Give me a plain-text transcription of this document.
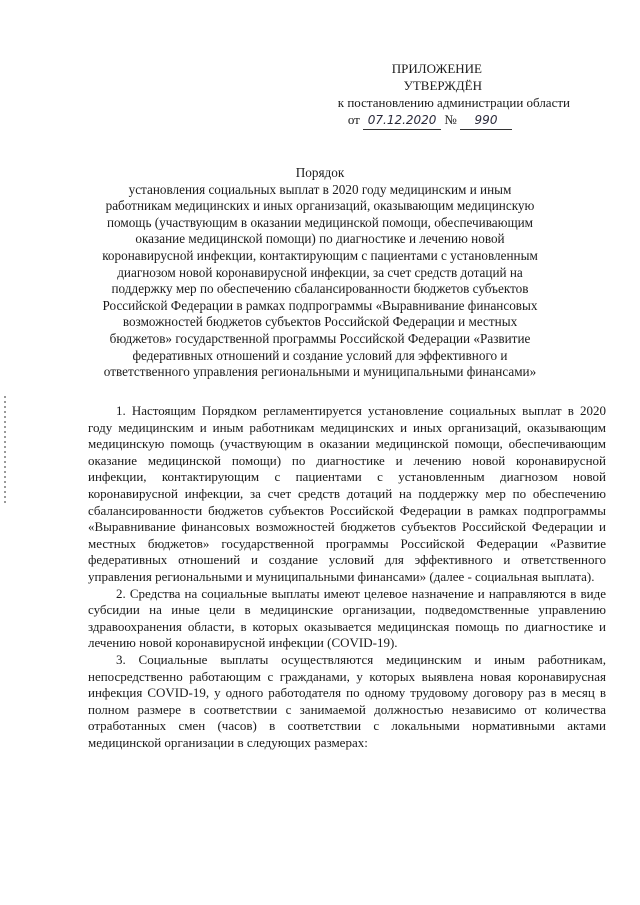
ПРИЛОЖЕНИЕ
УТВЕРЖДЁН
к постановлению администрации области
от 07.12.2020 № 990
Порядок
установления социальных выплат в 2020 году медицинским и иным работникам медицинских и иных организаций, оказывающим медицинскую помощь (участвующим в оказании медицинской помощи, обеспечивающим оказание медицинской помощи) по диагностике и лечению новой коронавирусной инфекции, контактирующим с пациентами с установленным диагнозом новой коронавирусной инфекции, за счет средств дотаций на поддержку мер по обеспечению сбалансированности бюджетов субъектов Российской Федерации в рамках подпрограммы «Выравнивание финансовых возможностей бюджетов субъектов Российской Федерации и местных бюджетов» государственной программы Российской Федерации «Развитие федеративных отношений и создание условий для эффективного и ответственного управления региональными и муниципальными финансами»

1. Настоящим Порядком регламентируется установление социальных выплат в 2020 году медицинским и иным работникам медицинских и иных организаций, оказывающим медицинскую помощь (участвующим в оказании медицинской помощи, обеспечивающим оказание медицинской помощи) по диагностике и лечению новой коронавирусной инфекции, контактирующим с пациентами с установленным диагнозом новой коронавирусной инфекции, за счет средств дотаций на поддержку мер по обеспечению сбалансированности бюджетов субъектов Российской Федерации в рамках подпрограммы «Выравнивание финансовых возможностей бюджетов субъектов Российской Федерации и местных бюджетов» государственной программы Российской Федерации «Развитие федеративных отношений и создание условий для эффективного и ответственного управления региональными и муниципальными финансами» (далее - социальная выплата).

2. Средства на социальные выплаты имеют целевое назначение и направляются в виде субсидии на иные цели в медицинские организации, подведомственные управлению здравоохранения области, в которых оказывается медицинская помощь по диагностике и лечению новой коронавирусной инфекции (COVID-19).

3. Социальные выплаты осуществляются медицинским и иным работникам, непосредственно работающим с гражданами, у которых выявлена новая коронавирусная инфекция COVID-19, у одного работодателя по одному трудовому договору раз в месяц в полном размере в соответствии с занимаемой должностью независимо от количества отработанных смен (часов) в соответствии с локальными нормативными актами медицинской организации в следующих размерах:
